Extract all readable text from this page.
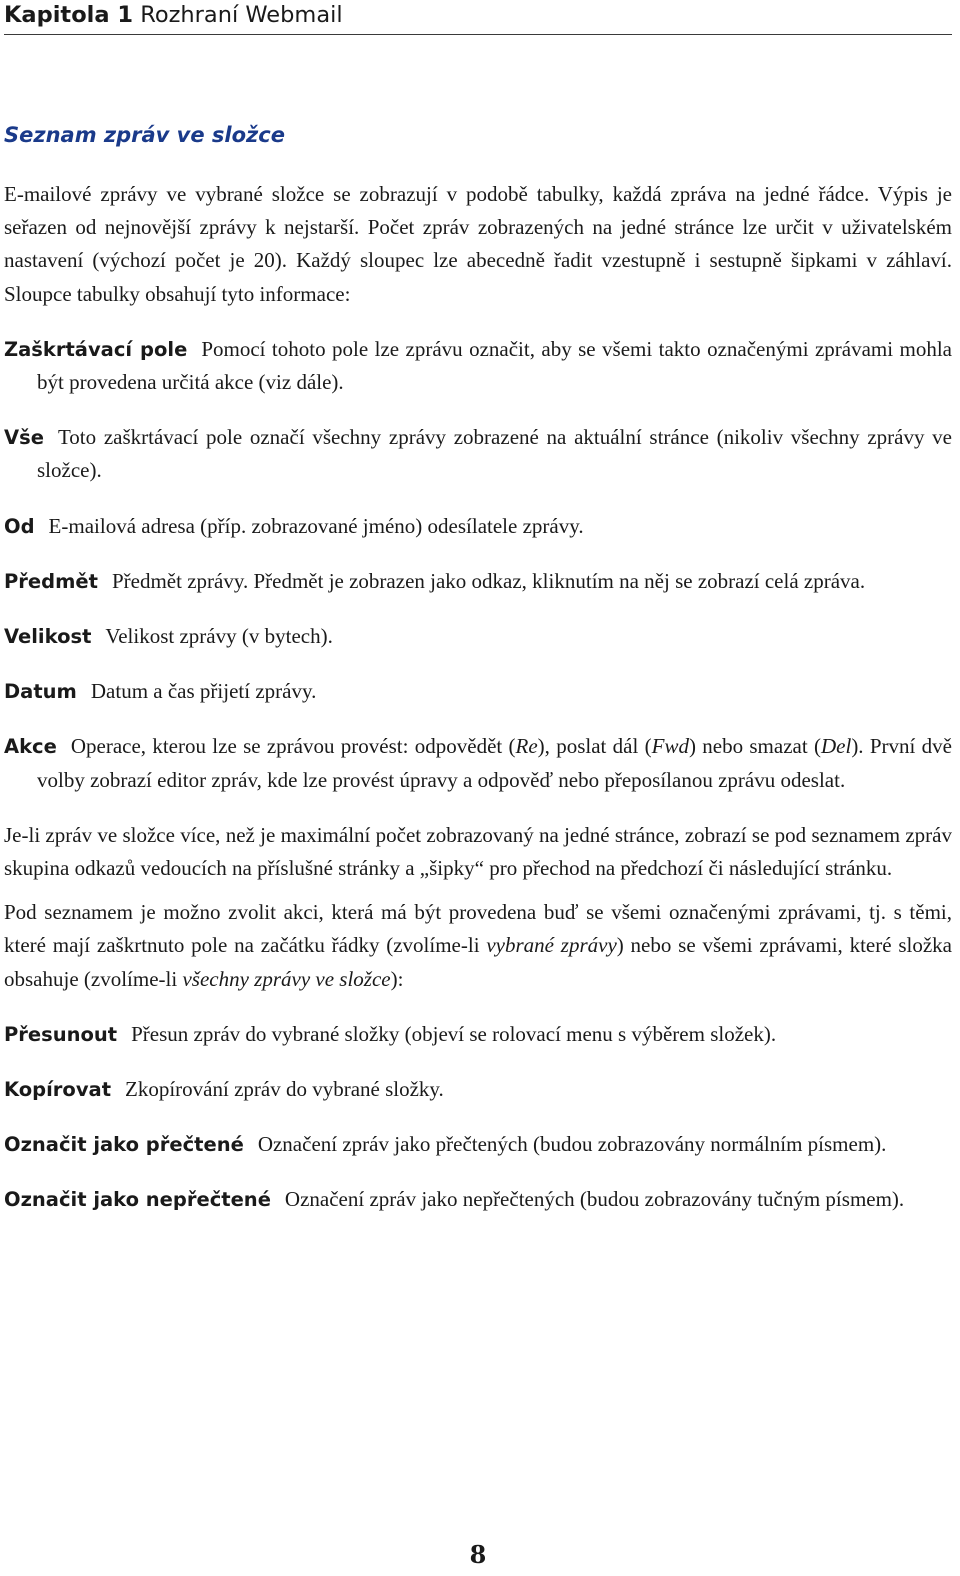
Kapitola 1 Rozhraní Webmail
Seznam zpráv ve složce

E-mailové zprávy ve vybrané složce se zobrazují v podobě tabulky, každá zpráva na jedné řádce. Výpis je seřazen od nejnovější zprávy k nejstarší. Počet zpráv zobrazených na jedné stránce lze určit v uživatelském nastavení (výchozí počet je 20). Každý sloupec lze abecedně řadit vzestupně i sestupně šipkami v záhlaví. Sloupce tabulky obsahují tyto informace:

Zaškrtávací pole Pomocí tohoto pole lze zprávu označit, aby se všemi takto označenými zprávami mohla být provedena určitá akce (viz dále).
Vše Toto zaškrtávací pole označí všechny zprávy zobrazené na aktuální stránce (nikoliv všechny zprávy ve složce).
Od E-mailová adresa (příp. zobrazované jméno) odesílatele zprávy.
Předmět Předmět zprávy. Předmět je zobrazen jako odkaz, kliknutím na něj se zobrazí celá zpráva.
Velikost Velikost zprávy (v bytech).
Datum Datum a čas přijetí zprávy.
Akce Operace, kterou lze se zprávou provést: odpovědět (Re), poslat dál (Fwd) nebo smazat (Del). První dvě volby zobrazí editor zpráv, kde lze provést úpravy a odpověď nebo přeposílanou zprávu odeslat.

Je-li zpráv ve složce více, než je maximální počet zobrazovaný na jedné stránce, zobrazí se pod seznamem zpráv skupina odkazů vedoucích na příslušné stránky a „šipky“ pro přechod na předchozí či následující stránku.

Pod seznamem je možno zvolit akci, která má být provedena buď se všemi označenými zprávami, tj. s těmi, které mají zaškrtnuto pole na začátku řádky (zvolíme-li vybrané zprávy) nebo se všemi zprávami, které složka obsahuje (zvolíme-li všechny zprávy ve složce):

Přesunout Přesun zpráv do vybrané složky (objeví se rolovací menu s výběrem složek).
Kopírovat Zkopírování zpráv do vybrané složky.
Označit jako přečtené Označení zpráv jako přečtených (budou zobrazovány normálním písmem).
Označit jako nepřečtené Označení zpráv jako nepřečtených (budou zobrazovány tučným písmem).
8
